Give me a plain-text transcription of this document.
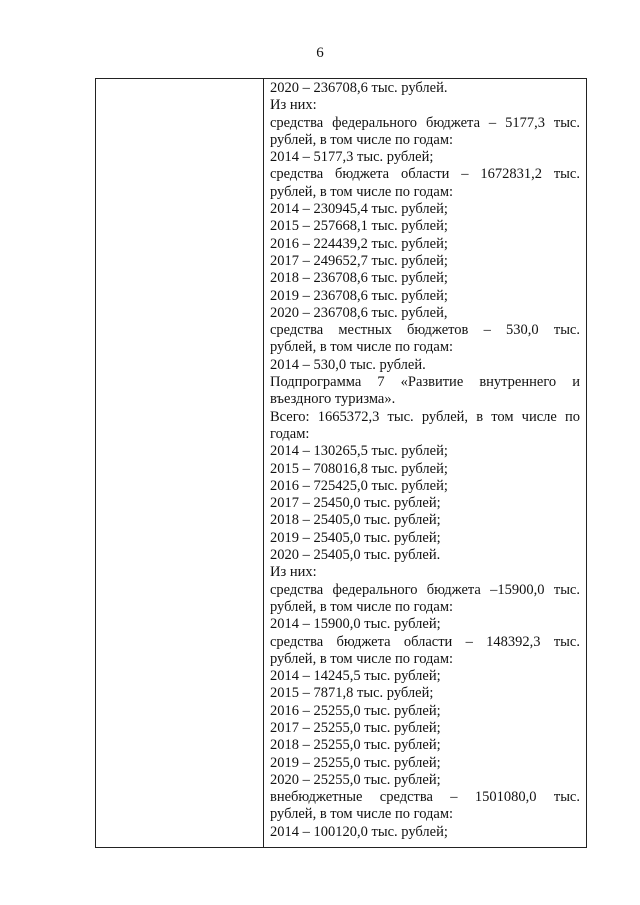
6
2020 – 236708,6 тыс. рублей.
Из них:
средства федерального бюджета – 5177,3 тыс.
рублей, в том числе по годам:
2014 – 5177,3 тыс. рублей;
средства бюджета области – 1672831,2 тыс.
рублей, в том числе по годам:
2014 – 230945,4 тыс. рублей;
2015 – 257668,1 тыс. рублей;
2016 – 224439,2 тыс. рублей;
2017 – 249652,7 тыс. рублей;
2018 – 236708,6 тыс. рублей;
2019 – 236708,6 тыс. рублей;
2020 – 236708,6 тыс. рублей,
средства местных бюджетов – 530,0 тыс.
рублей, в том числе по годам:
2014 – 530,0 тыс. рублей.
Подпрограмма 7 «Развитие внутреннего и
въездного туризма».
Всего: 1665372,3 тыс. рублей, в том числе по
годам:
2014 – 130265,5 тыс. рублей;
2015 – 708016,8 тыс. рублей;
2016 – 725425,0 тыс. рублей;
2017 – 25450,0 тыс. рублей;
2018 – 25405,0 тыс. рублей;
2019 – 25405,0 тыс. рублей;
2020 – 25405,0 тыс. рублей.
Из них:
средства федерального бюджета –15900,0 тыс.
рублей, в том числе по годам:
2014 – 15900,0 тыс. рублей;
средства бюджета области – 148392,3 тыс.
рублей, в том числе по годам:
2014 – 14245,5 тыс. рублей;
2015 – 7871,8 тыс. рублей;
2016 – 25255,0 тыс. рублей;
2017 – 25255,0 тыс. рублей;
2018 – 25255,0 тыс. рублей;
2019 – 25255,0 тыс. рублей;
2020 – 25255,0 тыс. рублей;
внебюджетные средства – 1501080,0 тыс.
рублей, в том числе по годам:
2014 – 100120,0 тыс. рублей;
